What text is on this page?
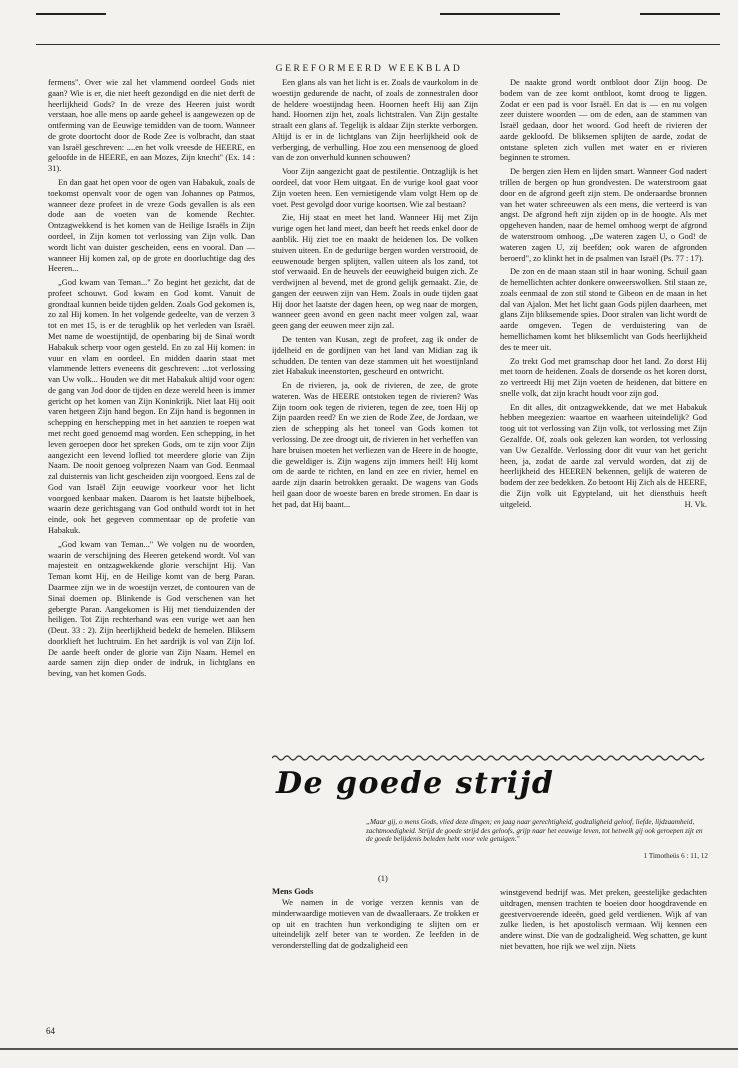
GEREFORMEERD WEEKBLAD

fermens". Over wie zal het vlammend oordeel Gods niet gaan? Wie is er, die niet heeft gezondigd en die niet derft de heerlijkheid Gods? In de vreze des Heeren juist wordt verstaan, hoe alle mens op aarde geheel is aangewezen op de ontferming van de Eeuwige temidden van de toorn. Wanneer de grote doortocht door de Rode Zee is volbracht, dan staat van Israël geschreven: ....en het volk vreesde de HEERE, en geloofde in de HEERE, en aan Mozes, Zijn knecht" (Ex. 14 : 31).

En dan gaat het open voor de ogen van Habakuk, zoals de toekomst openvalt voor de ogen van Johannes op Patmos, wanneer deze profeet in de vreze Gods gevallen is als een dode aan de voeten van de komende Rechter. Ontzagwekkend is het komen van de Heilige Israëls in Zijn oordeel, in Zijn komen tot verlossing van Zijn volk. Dan wordt licht van duister gescheiden, eens en vooral. Dan — wanneer Hij komen zal, op de grote en doorluchtige dag des Heeren...

„God kwam van Teman..." Zo begint het gezicht, dat de profeet schouwt. God kwam en God komt. Vanuit de grondtaal kunnen beide tijden gelden. Zoals God gekomen is, zo zal Hij komen. In het volgende gedeelte, van de verzen 3 tot en met 15, is er de terugblik op het verleden van Israël. Met name de woestijntijd, de openbaring bij de Sinaï wordt Habakuk scherp voor ogen gesteld. En zo zal Hij komen: in vuur en vlam en oordeel. En midden daarin staat met vlammende letters eveneens dit geschreven: ...tot verlossing van Uw volk... Houden we dit met Habakuk altijd voor ogen: de gang van Jod door de tijden en deze wereld heen is immer gericht op het komen van Zijn Koninkrijk. Niet laat Hij ooit varen hetgeen Zijn hand begon. En Zijn hand is begonnen in schepping en herschepping met in het aanzien te roepen wat met recht goed genoemd mag worden. Een schepping, in het leven geroepen door het spreken Gods, om te zijn voor Zijn aangezicht een levend loflied tot meerdere glorie van Zijn Naam. De nooit genoeg volprezen Naam van God. Eenmaal zal duisternis van licht gescheiden zijn voorgoed. Eens zal de God van Israël Zijn eeuwige voorkeur voor het licht voorgoed kenbaar maken. Daarom is het laatste bijbelboek, waarin deze gerichtsgang van God onthuld wordt tot in het einde, ook het gegeven commentaar op de profetie van Habakuk.

„God kwam van Teman..." We volgen nu de woorden, waarin de verschijning des Heeren getekend wordt. Vol van majesteit en ontzagwekkende glorie verschijnt Hij. Van Teman komt Hij, en de Heilige komt van de berg Paran. Daarmee zijn we in de woestijn verzet, de contouren van de Sinaï doemen op. Blinkende is God verschenen van het gebergte Paran. Aangekomen is Hij met tienduizenden der heiligen. Tot Zijn rechterhand was een vurige wet aan hen (Deut. 33 : 2). Zijn heerlijkheid bedekt de hemelen. Bliksem doorklieft het luchtruim. En het aardrijk is vol van Zijn lof. De aarde beeft onder de glorie van Zijn Naam. Hemel en aarde samen zijn diep onder de indruk, in lichtglans en beving, van het komen Gods.

Een glans als van het licht is er. Zoals de vaurkolom in de woestijn gedurende de nacht, of zoals de zonnestralen door de heldere woestijndag heen. Hoornen heeft Hij aan Zijn hand. Hoornen zijn het, zoals lichtstralen. Van Zijn gestalte straalt een glans af. Tegelijk is aldaar Zijn sterkte verborgen. Altijd is er in de lichtglans van Zijn heerlijkheid ook de verberging, de verhulling. Hoe zou een mensenoog de gloed van de zon onverhuld kunnen schouwen?

Voor Zijn aangezicht gaat de pestilentie. Ontzaglijk is het oordeel, dat voor Hem uitgaat. En de vurige kool gaat voor Zijn voeten heen. Een vernietigende vlam volgt Hem op de voet. Pest gevolgd door vurige koortsen. Wie zal bestaan?

Zie, Hij staat en meet het land. Wanneer Hij met Zijn vurige ogen het land meet, dan beeft het reeds enkel door de aanblik. Hij ziet toe en maakt de heidenen los. De volken stuiven uiteen. En de geduriige bergen worden verstrooid, de eeuwenoude bergen splijten, vallen uiteen als los zand, tot stof verwaaid. En de heuvels der eeuwigheid buigen zich. Ze verdwijnen al bevend, met de grond gelijk gemaakt. Zie, de gangen der eeuwen zijn van Hem. Zoals in oude tijden gaat Hij door het laatste der dagen heen, op weg naar de morgen, wanneer geen avond en geen nacht meer volgen zal, waar geen gang der eeuwen meer zijn zal.

De tenten van Kusan, zegt de profeet, zag ik onder de ijdelheid en de gordijnen van het land van Midian zag ik schudden. De tenten van deze stammen uit het woestijnland ziet Habakuk ineenstorten, gescheurd en ontwricht.

En de rivieren, ja, ook de rivieren, de zee, de grote wateren. Was de HEERE ontstoken tegen de rivieren? Was Zijn toorn ook tegen de rivieren, tegen de zee, toen Hij op Zijn paarden reed? En we zien de Rode Zee, de Jordaan, we zien de schepping als het toneel van Gods komen tot verlossing. De zee droogt uit, de rivieren in het verheffen van hare bruisen moeten het verliezen van de Heere in de hoogte, die geweldiger is. Zijn wagens zijn immers heil! Hij komt om de aarde te richten, en land en zee en rivier, hemel en aarde zijn daarin betrokken geraakt. De wagens van Gods heil gaan door de woeste baren en brede stromen. En daar is het pad, dat Hij baant...

De naakte grond wordt ontbloot door Zijn boog. De bodem van de zee komt ontbloot, komt droog te liggen. Zodat er een pad is voor Israël. En dat is — en nu volgen zeer duistere woorden — om de eden, aan de stammen van Israël gedaan, door het woord. God heeft de rivieren der aarde gekloofd. De bliksemen splijten de aarde, zodat de ontstane spleten zich vullen met water en er rivieren beginnen te stromen.

De bergen zien Hem en lijden smart. Wanneer God nadert trillen de bergen op hun grondvesten. De waterstroom gaat door en de afgrond geeft zijn stem. De onderaardse bronnen van het water schreeuwen als een mens, die verteerd is van angst. De afgrond heft zijn zijden op in de hoogte. Als met opgeheven handen, naar de hemel omhoog werpt de afgrond de waterstroom omhoog. „De wateren zagen U, o God! de wateren zagen U, zij beefden; ook waren de afgronden beroerd", zo klinkt het in de psalmen van Israël (Ps. 77 : 17).

De zon en de maan staan stil in haar woning. Schuil gaan de hemellichten achter donkere onweerswolken. Stil staan ze, zoals eenmaal de zon stil stond te Gibeon en de maan in het dal van Ajalon. Met het licht gaan Gods pijlen daarheen, met glans Zijn bliksemende spies. Door stralen van licht wordt de aarde omgeven. Tegen de verduistering van de hemellichamen komt het bliksemlicht van Gods heerlijkheid des te meer uit.

Zo trekt God met gramschap door het land. Zo dorst Hij met toorn de heidenen. Zoals de dorsende os het koren dorst, zo vertreedt Hij met Zijn voeten de heidenen, dat bittere en snelle volk, dat zijn kracht houdt voor zijn god.

En dit alles, dit ontzagwekkende, dat we met Habakuk hebben meegezien: waartoe en waarheen uiteindelijk? God toog uit tot verlossing van Zijn volk, tot verlossing met Zijn Gezalfde. Of, zoals ook gelezen kan worden, tot verlossing van Uw Gezalfde. Verlossing door dit vuur van het gericht heen, ja, zodat de aarde zal vervuld worden, dat zij de heerlijkheid des HEEREN bekennen, gelijk de wateren de bodem der zee bedekken. Zo betoont Hij Zich als de HEERE, die Zijn volk uit Egypteland, uit het diensthuis heeft uitgeleid.	H. Vk.

De goede strijd
„Maar gij, o mens Gods, vlied deze dingen; en jaag naar gerechtigheid, godzaligheid geloof, liefde, lijdzaamheid, zachtmoedigheid. Strijd de goede strijd des geloofs, grijp naar het eeuwige leven, tot hetwelk gij ook geroepen zijt en de goede belijdenis beleden hebt voor vele getuigen."
1 Timotheüs 6 : 11, 12
(1)
Mens Gods

We namen in de vorige verzen kennis van de minderwaardige motieven van de dwaalleraars. Ze trokken er op uit en trachten hun verkondiging te slijten om er uiteindelijk zelf beter van te worden. Ze leefden in de veronderstelling dat de godzaligheid een

winstgevend bedrijf was. Met preken, geestelijke gedachten uitdragen, mensen trachten te boeien door hoogdravende en geestvervoerende ideeën, goed geld verdienen. Wijk af van zulke lieden, is het apostolisch vermaan. Wij kennen een andere winst. Die van de godzaligheid. Weg schatten, ge kunt niet bevatten, hoe rijk we wel zijn. Niets

64
